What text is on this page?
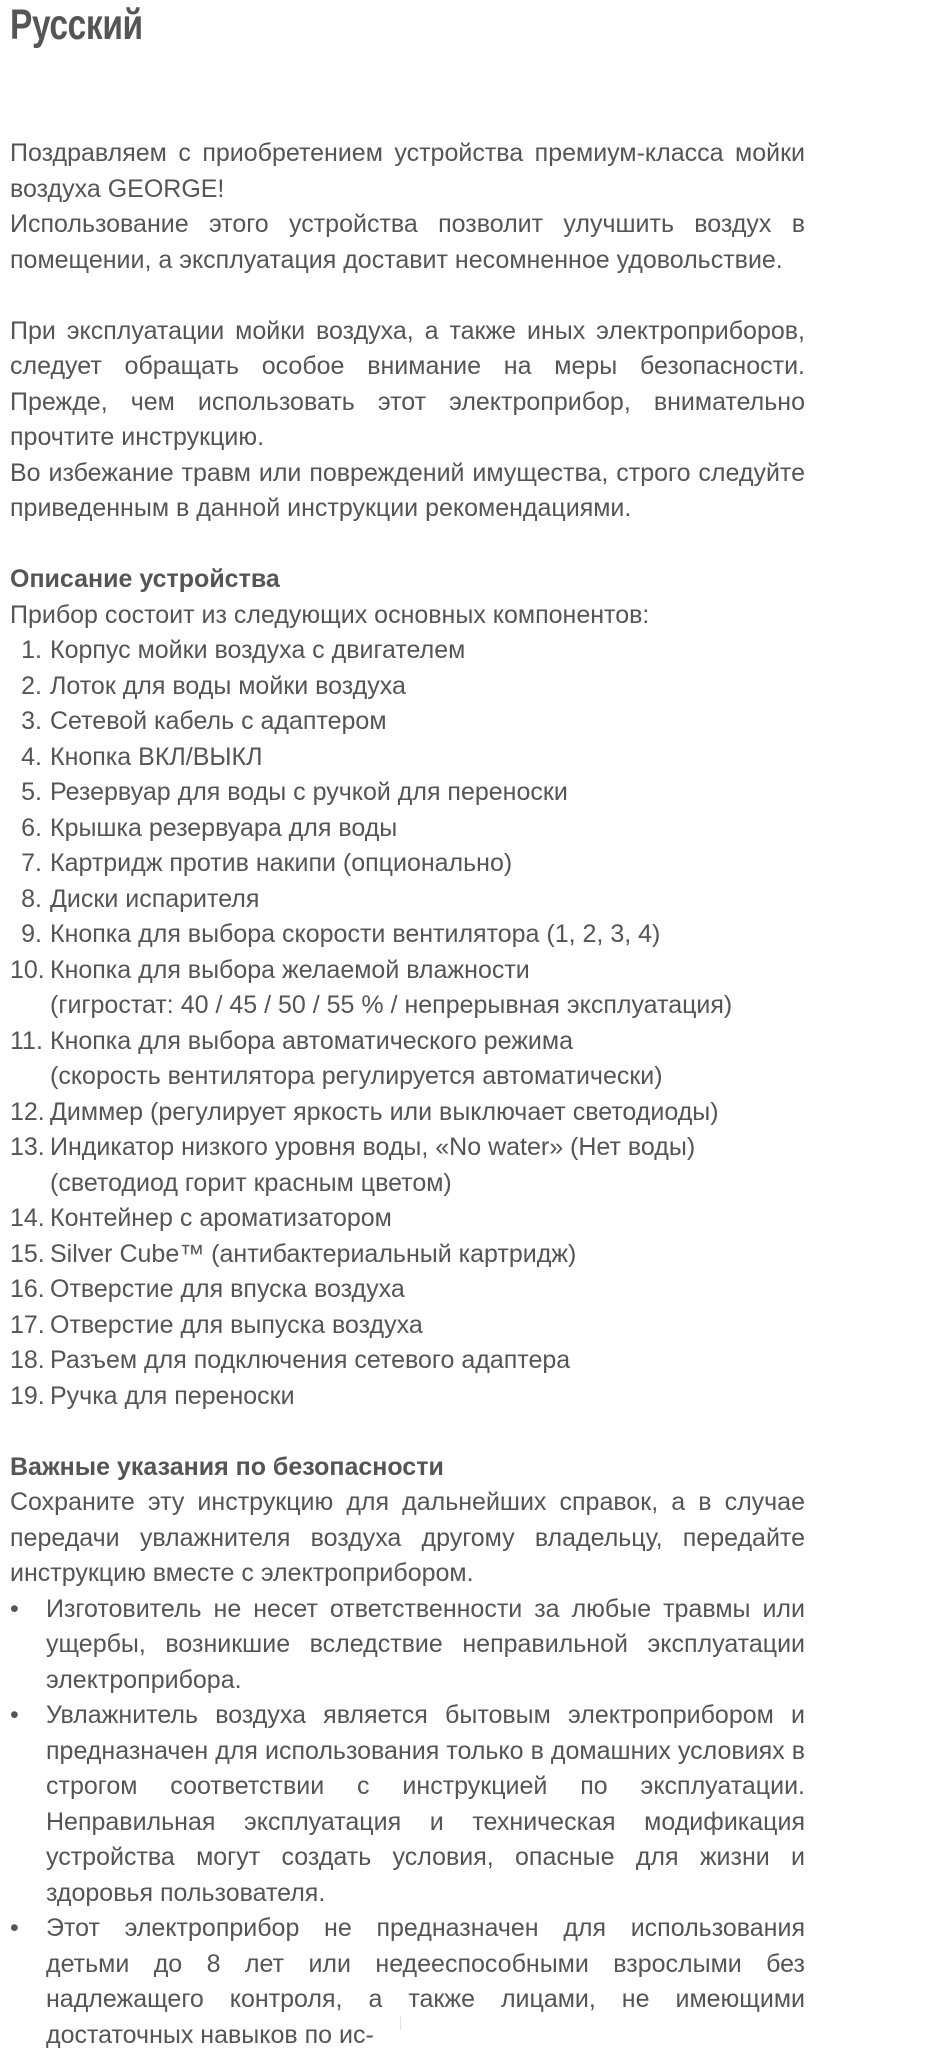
Русский

Поздравляем с приобретением устройства премиум-класса мойки воздуха GEORGE!

Использование этого устройства позволит улучшить воздух в помещении, а эксплуатация доставит несомненное удовольствие.

При эксплуатации мойки воздуха, а также иных электроприборов, следует обращать особое внимание на меры безопасности. Прежде, чем использовать этот электроприбор, внимательно прочтите инструкцию.

Во избежание травм или повреждений имущества, строго следуйте приведенным в данной инструкции рекомендациями.

Описание устройства

Прибор состоит из следующих основных компонентов:

1. Корпус мойки воздуха с двигателем
2. Лоток для воды мойки воздуха
3. Сетевой кабель с адаптером
4. Кнопка ВКЛ/ВЫКЛ
5. Резервуар для воды с ручкой для переноски
6. Крышка резервуара для воды
7. Картридж против накипи (опционально)
8. Диски испарителя
9. Кнопка для выбора скорости вентилятора (1, 2, 3, 4)
10. Кнопка для выбора желаемой влажности
(гигростат: 40 / 45 / 50 / 55 % / непрерывная эксплуатация)
11. Кнопка для выбора автоматического режима
(скорость вентилятора регулируется автоматически)
12. Диммер (регулирует яркость или выключает светодиоды)
13. Индикатор низкого уровня воды, «No water» (Нет воды)
(светодиод горит красным цветом)
14. Контейнер с ароматизатором
15. Silver Cube™ (антибактериальный картридж)
16. Отверстие для впуска воздуха
17. Отверстие для выпуска воздуха
18. Разъем для подключения сетевого адаптера
19. Ручка для переноски
Важные указания по безопасности

Сохраните эту инструкцию для дальнейших справок, а в случае передачи увлажнителя воздуха другому владельцу, передайте инструкцию вместе с электроприбором.

•	Изготовитель не несет ответственности за любые травмы или ущербы, возникшие вследствие неправильной эксплуатации электроприбора.
•	Увлажнитель воздуха является бытовым электроприбором и предназначен для использования только в домашних условиях в строгом соответствии с инструкцией по эксплуатации. Неправильная эксплуатация и техническая модификация устройства могут создать условия, опасные для жизни и здоровья пользователя.
•	Этот электроприбор не предназначен для использования детьми до 8 лет или недееспособными взрослыми без надлежащего контроля, а также лицами, не имеющими достаточных навыков по ис-
